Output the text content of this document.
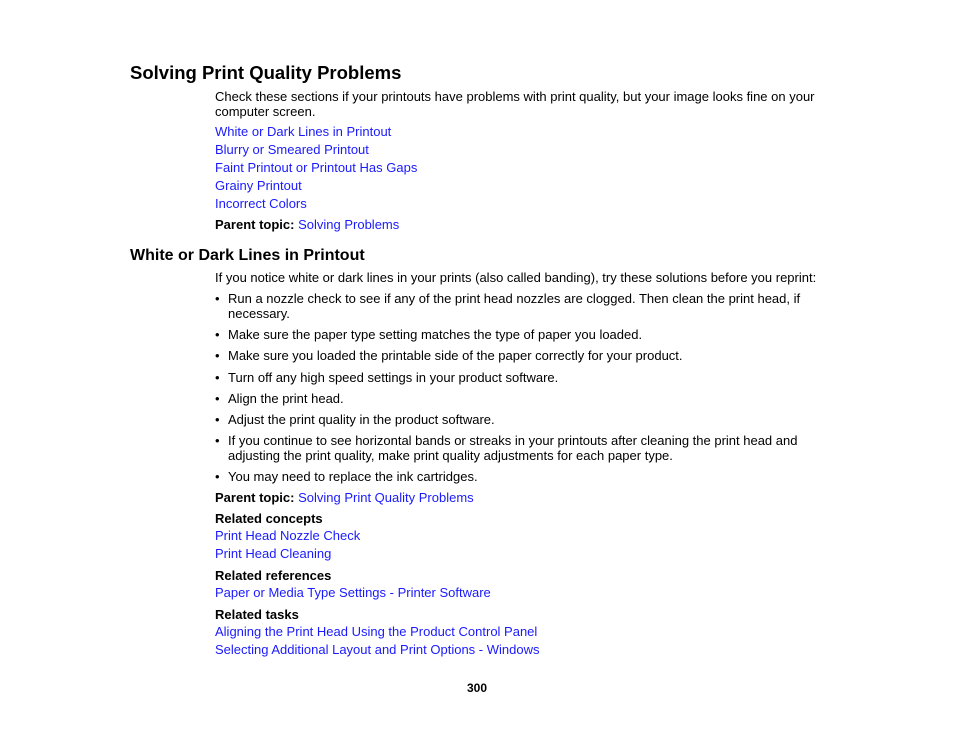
Solving Print Quality Problems
Check these sections if your printouts have problems with print quality, but your image looks fine on your computer screen.
White or Dark Lines in Printout
Blurry or Smeared Printout
Faint Printout or Printout Has Gaps
Grainy Printout
Incorrect Colors
Parent topic: Solving Problems
White or Dark Lines in Printout
If you notice white or dark lines in your prints (also called banding), try these solutions before you reprint:
• Run a nozzle check to see if any of the print head nozzles are clogged. Then clean the print head, if necessary.
• Make sure the paper type setting matches the type of paper you loaded.
• Make sure you loaded the printable side of the paper correctly for your product.
• Turn off any high speed settings in your product software.
• Align the print head.
• Adjust the print quality in the product software.
• If you continue to see horizontal bands or streaks in your printouts after cleaning the print head and adjusting the print quality, make print quality adjustments for each paper type.
• You may need to replace the ink cartridges.
Parent topic: Solving Print Quality Problems
Related concepts
Print Head Nozzle Check
Print Head Cleaning
Related references
Paper or Media Type Settings - Printer Software
Related tasks
Aligning the Print Head Using the Product Control Panel
Selecting Additional Layout and Print Options - Windows
300
